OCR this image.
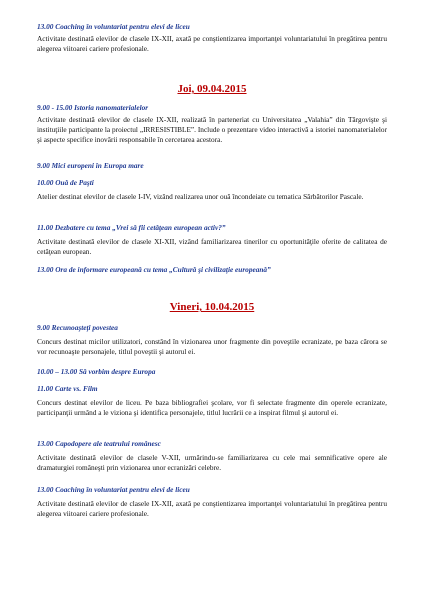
13.00 Coaching în voluntariat pentru elevi de liceu
Activitate destinată elevilor de clasele IX-XII, axată pe conştientizarea importanţei voluntariatului în pregătirea pentru alegerea viitoarei cariere profesionale.
Joi, 09.04.2015
9.00 - 15.00 Istoria nanomaterialelor
Activitate destinată elevilor de clasele IX-XII, realizată în parteneriat cu Universitatea „Valahia” din Târgovişte şi instituţiile participante la proiectul „IRRESISTIBLE”. Include o prezentare video interactivă a istoriei nanomaterialelor şi aspecte specifice inovării responsabile în cercetarea acestora.
9.00 Mici europeni în Europa mare
10.00 Ouă de Paşti
Atelier destinat elevilor de clasele I-IV, vizând realizarea unor ouă încondeiate cu tematica Sărbătorilor Pascale.
11.00 Dezbatere cu tema „Vrei să fii cetăţean european activ?”
Activitate destinată elevilor de clasele XI-XII, vizând familiarizarea tinerilor cu oportunităţile oferite de calitatea de cetăţean european.
13.00 Ora de informare europeană cu tema „Cultură şi civilizaţie europeană”
Vineri, 10.04.2015
9.00 Recunoaşteţi povestea
Concurs destinat micilor utilizatori, constând în vizionarea unor fragmente din poveştile ecranizate, pe baza cărora se vor recunoaşte personajele, titlul poveştii şi autorul ei.
10.00 – 13.00 Să vorbim despre Europa
11.00 Carte vs. Film
Concurs destinat elevilor de liceu. Pe baza bibliografiei şcolare, vor fi selectate fragmente din operele ecranizate, participanţii urmând a le viziona şi identifica personajele, titlul lucrării ce a inspirat filmul şi autorul ei.
13.00 Capodopere ale teatrului românesc
Activitate destinată elevilor de clasele V-XII, urmărindu-se familiarizarea cu cele mai semnificative opere ale dramaturgiei româneşti prin vizionarea unor ecranizări celebre.
13.00 Coaching în voluntariat pentru elevi de liceu
Activitate destinată elevilor de clasele IX-XII, axată pe conştientizarea importanţei voluntariatului în pregătirea pentru alegerea viitoarei cariere profesionale.
